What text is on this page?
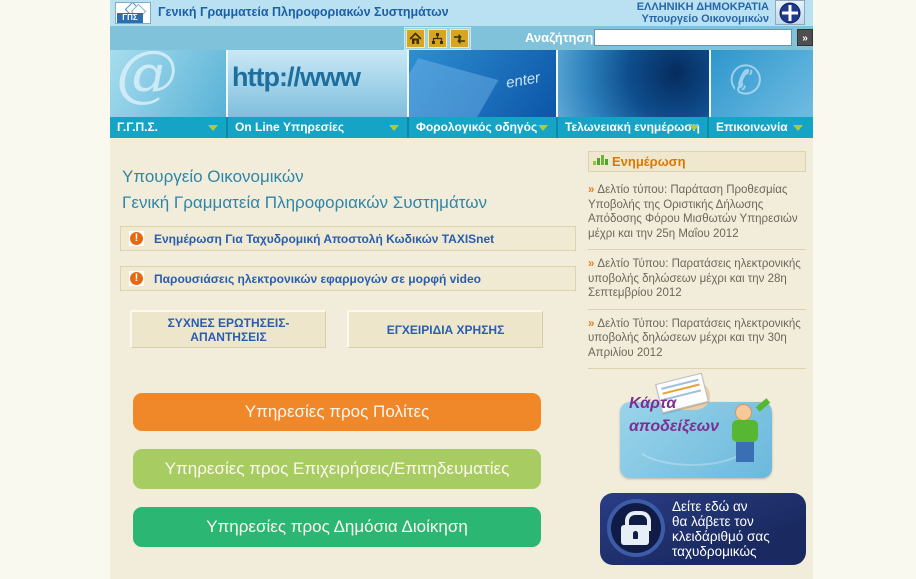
ΓΠΣ	Γενική Γραμματεία Πληροφοριακών Συστημάτων	ΕΛΛΗΝΙΚΗ ΔΗΜΟΚΡΑΤΙΑ
Υπουργείο Οικονομικών
Αναζήτηση	»
@ http://www	enter	✆
Γ.Γ.Π.Σ.	On Line Υπηρεσίες	Φορολογικός οδηγός	Τελωνειακή ενημέρωση	Επικοινωνία
Υπουργείο Οικονομικών
Γενική Γραμματεία Πληροφοριακών Συστημάτων
!
Ενημέρωση Για Ταχυδρομική Αποστολή Κωδικών TAXISnet
!
Παρουσιάσεις ηλεκτρονικών εφαρμογών σε μορφή video
ΣΥΧΝΕΣ ΕΡΩΤΗΣΕΙΣ-ΑΠΑΝΤΗΣΕΙΣ	ΕΓΧΕΙΡΙΔΙΑ ΧΡΗΣΗΣ
Υπηρεσίες προς Πολίτες
Υπηρεσίες προς Επιχειρήσεις/Επιτηδευματίες
Υπηρεσίες προς Δημόσια Διοίκηση
Ενημέρωση
» Δελτίο τύπου: Παράταση Προθεσμίας Υποβολής της Οριστικής Δήλωσης Απόδοσης Φόρου Μισθωτών Υπηρεσιών μέχρι και την 25η Μαΐου 2012
» Δελτίο Τύπου: Παρατάσεις ηλεκτρονικής υποβολής δηλώσεων μέχρι και την 28η Σεπτεμβρίου 2012
» Δελτίο Τύπου: Παρατάσεις ηλεκτρονικής υποβολής δηλώσεων μέχρι και την 30η Απριλίου 2012
Κάρτα
αποδείξεων
Δείτε εδώ αν
θα λάβετε τον
κλειδάριθμό σας
ταχυδρομικώς
